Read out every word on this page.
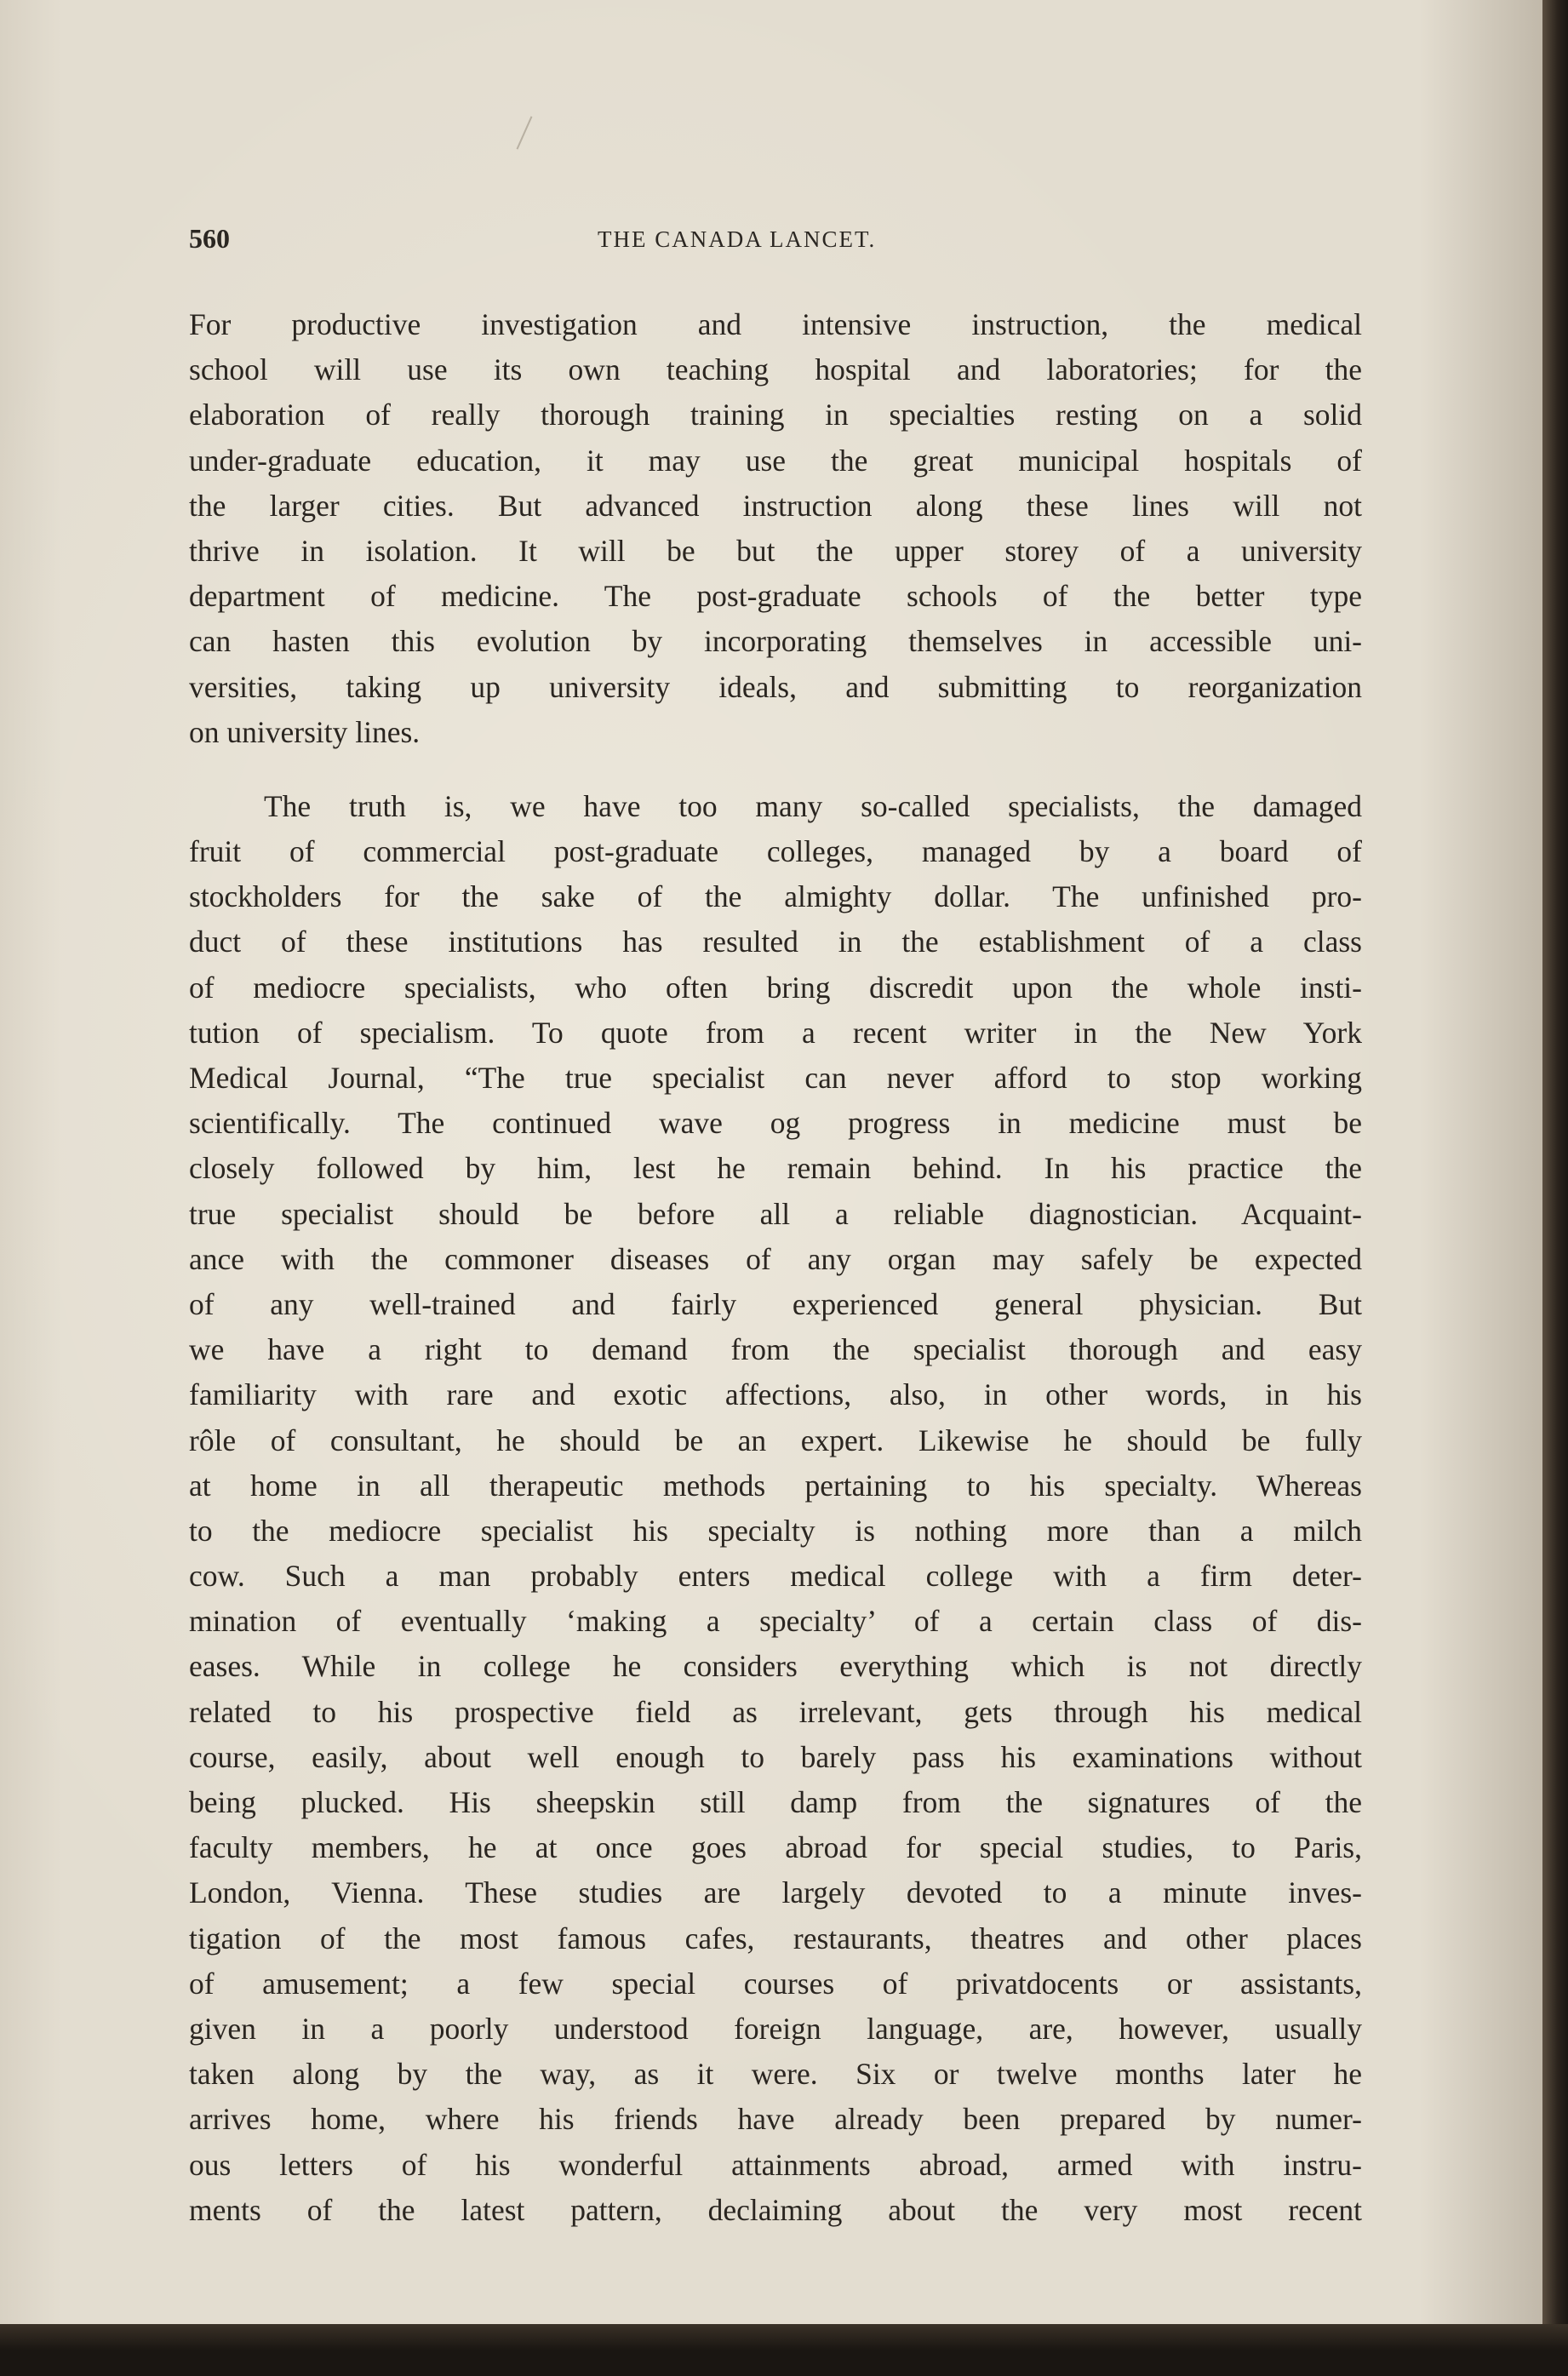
560	THE CANADA LANCET.

For productive investigation and intensive instruction, the medical
school will use its own teaching hospital and laboratories; for the
elaboration of really thorough training in specialties resting on a solid
under-graduate education, it may use the great municipal hospitals of
the larger cities. But advanced instruction along these lines will not
thrive in isolation. It will be but the upper storey of a university
department of medicine. The post-graduate schools of the better type
can hasten this evolution by incorporating themselves in accessible uni-
versities, taking up university ideals, and submitting to reorganization
on university lines.

The truth is, we have too many so-called specialists, the damaged
fruit of commercial post-graduate colleges, managed by a board of
stockholders for the sake of the almighty dollar. The unfinished pro-
duct of these institutions has resulted in the establishment of a class
of mediocre specialists, who often bring discredit upon the whole insti-
tution of specialism. To quote from a recent writer in the New York
Medical Journal, “The true specialist can never afford to stop working
scientifically. The continued wave og progress in medicine must be
closely followed by him, lest he remain behind. In his practice the
true specialist should be before all a reliable diagnostician. Acquaint-
ance with the commoner diseases of any organ may safely be expected
of any well-trained and fairly experienced general physician. But
we have a right to demand from the specialist thorough and easy
familiarity with rare and exotic affections, also, in other words, in his
rôle of consultant, he should be an expert. Likewise he should be fully
at home in all therapeutic methods pertaining to his specialty. Whereas
to the mediocre specialist his specialty is nothing more than a milch
cow. Such a man probably enters medical college with a firm deter-
mination of eventually ‘making a specialty’ of a certain class of dis-
eases. While in college he considers everything which is not directly
related to his prospective field as irrelevant, gets through his medical
course, easily, about well enough to barely pass his examinations without
being plucked. His sheepskin still damp from the signatures of the
faculty members, he at once goes abroad for special studies, to Paris,
London, Vienna. These studies are largely devoted to a minute inves-
tigation of the most famous cafes, restaurants, theatres and other places
of amusement; a few special courses of privatdocents or assistants,
given in a poorly understood foreign language, are, however, usually
taken along by the way, as it were. Six or twelve months later he
arrives home, where his friends have already been prepared by numer-
ous letters of his wonderful attainments abroad, armed with instru-
ments of the latest pattern, declaiming about the very most recent
